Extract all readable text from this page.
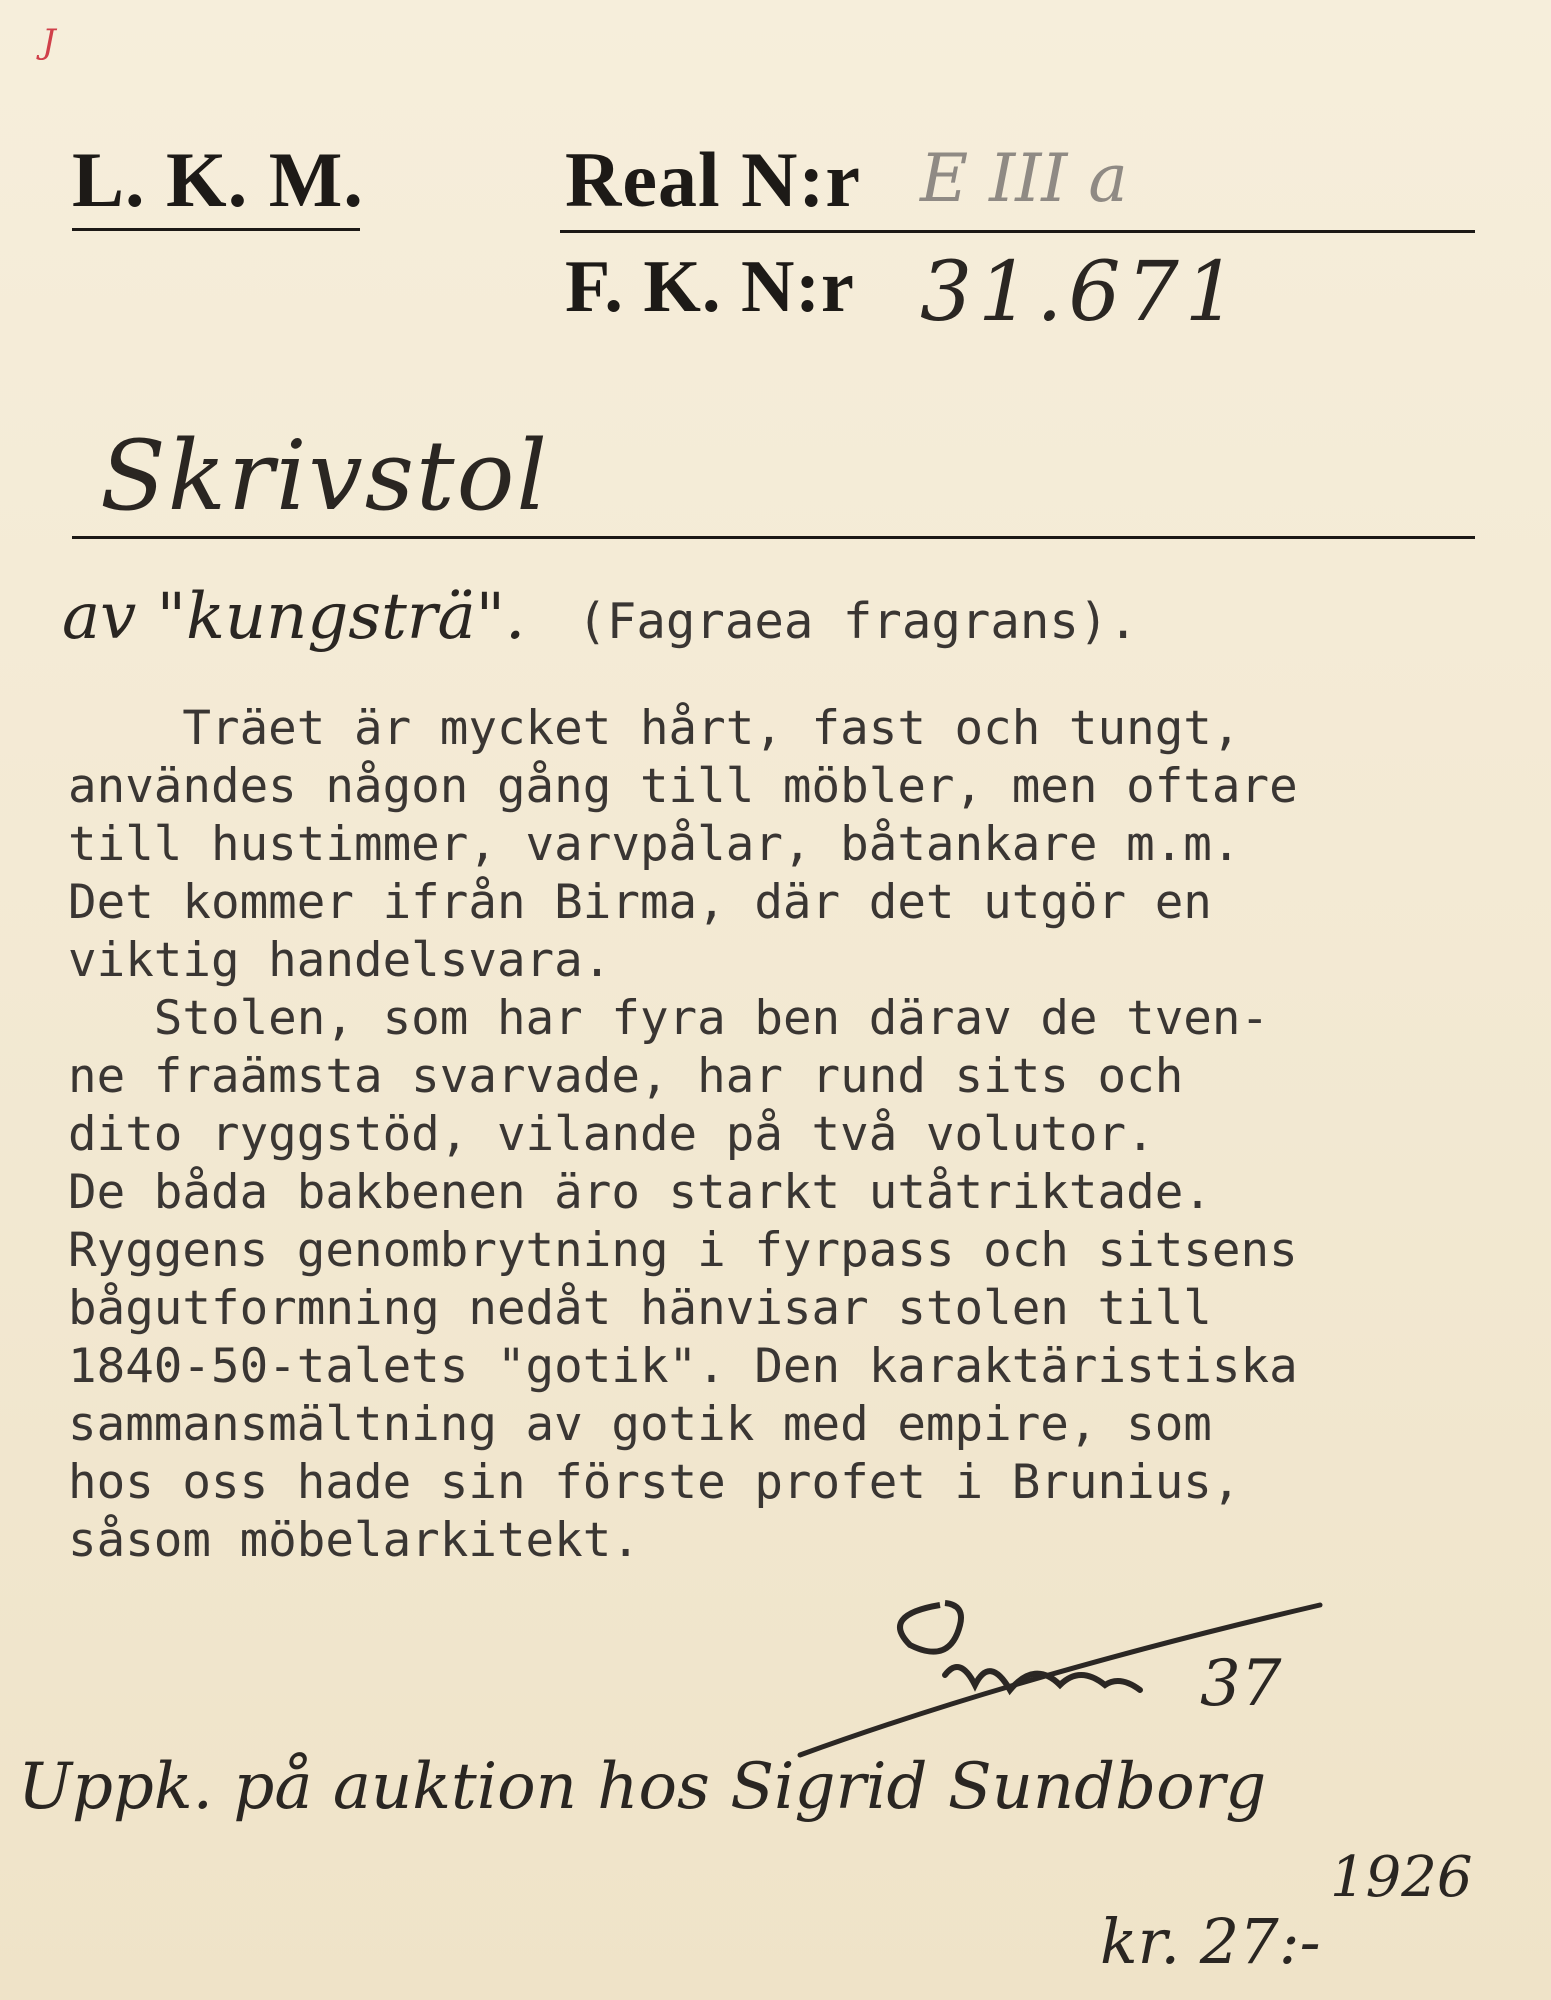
J
L. K. M.	Real N:r E III a
F. K. N:r 31.671
Skrivstol
av "kungsträ". (Fagraea fragrans).
Träet är mycket hårt, fast och tungt,
användes någon gång till möbler, men oftare
till hustimmer, varvpålar, båtankare m.m.
Det kommer ifrån Birma, där det utgör en
viktig handelsvara.
Stolen, som har fyra ben därav de tven-
ne fraämsta svarvade, har rund sits och
dito ryggstöd, vilande på två volutor.
De båda bakbenen äro starkt utåtriktade.
Ryggens genombrytning i fyrpass och sitsens
bågutformning nedåt hänvisar stolen till
1840-50-talets "gotik". Den karaktäristiska
sammansmältning av gotik med empire, som
hos oss hade sin förste profet i Brunius,
såsom möbelarkitekt.
37
Uppk. på auktion hos Sigrid Sundborg
1926
kr. 27:-
